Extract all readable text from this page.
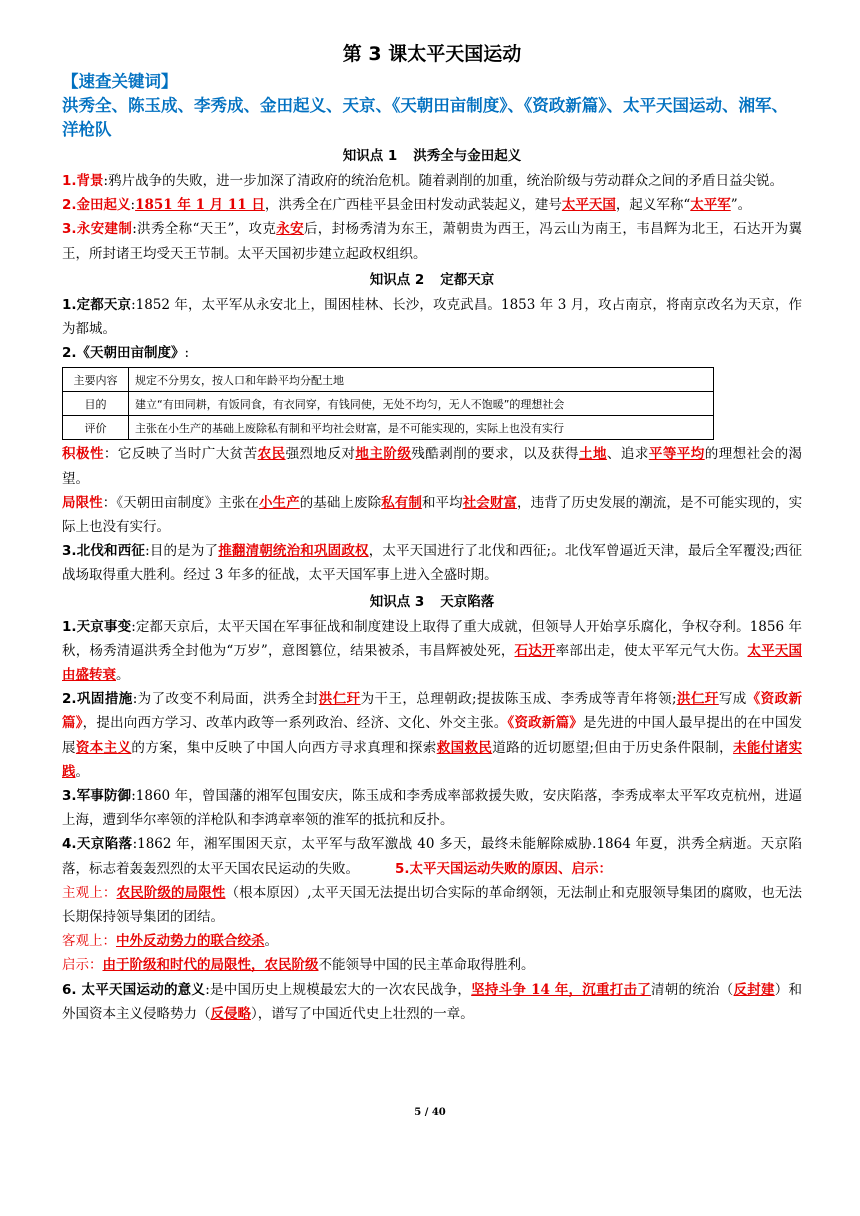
第 3 课太平天国运动
【速查关键词】
洪秀全、陈玉成、李秀成、金田起义、天京、《天朝田亩制度》、《资政新篇》、太平天国运动、湘军、洋枪队
知识点 1 洪秀全与金田起义

1.背景:鸦片战争的失败，进一步加深了清政府的统治危机。随着剥削的加重，统治阶级与劳动群众之间的矛盾日益尖锐。

2.金田起义:1851 年 1 月 11 日，洪秀全在广西桂平县金田村发动武装起义，建号太平天国，起义军称“太平军”。

3.永安建制:洪秀全称“天王”，攻克永安后，封杨秀清为东王，萧朝贵为西王，冯云山为南王，韦昌辉为北王，石达开为翼王，所封诸王均受天王节制。太平天国初步建立起政权组织。

知识点 2 定都天京

1.定都天京:1852 年，太平军从永安北上，围困桂林、长沙，攻克武昌。1853 年 3 月，攻占南京，将南京改名为天京，作为都城。

2.《天朝田亩制度》:

主要内容	规定不分男女，按人口和年龄平均分配土地
目的	建立“有田同耕，有饭同食，有衣同穿，有钱同使，无处不均匀，无人不饱暖”的理想社会
评价	主张在小生产的基础上废除私有制和平均社会财富，是不可能实现的，实际上也没有实行

积极性：它反映了当时广大贫苦农民强烈地反对地主阶级残酷剥削的要求，以及获得土地、追求平等平均的理想社会的渴望。

局限性：《天朝田亩制度》主张在小生产的基础上废除私有制和平均社会财富，违背了历史发展的潮流，是不可能实现的，实际上也没有实行。

3.北伐和西征:目的是为了推翻清朝统治和巩固政权，太平天国进行了北伐和西征;。北伐军曾逼近天津，最后全军覆没;西征战场取得重大胜利。经过 3 年多的征战，太平天国军事上进入全盛时期。

知识点 3 天京陷落

1.天京事变:定都天京后，太平天国在军事征战和制度建设上取得了重大成就，但领导人开始享乐腐化，争权夺利。1856 年秋，杨秀清逼洪秀全封他为“万岁”，意图篡位，结果被杀，韦昌辉被处死，石达开率部出走，使太平军元气大伤。太平天国由盛转衰。

2.巩固措施:为了改变不利局面，洪秀全封洪仁玕为干王，总理朝政;提拔陈玉成、李秀成等青年将领;洪仁玕写成《资政新篇》，提出向西方学习、改革内政等一系列政治、经济、文化、外交主张。《资政新篇》是先进的中国人最早提出的在中国发展资本主义的方案，集中反映了中国人向西方寻求真理和探索救国救民道路的近切愿望;但由于历史条件限制，未能付诸实践。

3.军事防御:1860 年，曾国藩的湘军包围安庆，陈玉成和李秀成率部救援失败，安庆陷落，李秀成率太平军攻克杭州，进逼上海，遭到华尔率领的洋枪队和李鸿章率领的淮军的抵抗和反扑。

4.天京陷落:1862 年，湘军围困天京，太平军与敌军激战 40 多天，最终未能解除威胁.1864 年夏，洪秀全病逝。天京陷落，标志着轰轰烈烈的太平天国农民运动的失败。	5.太平天国运动失败的原因、启示：

主观上：农民阶级的局限性（根本原因）,太平天国无法提出切合实际的革命纲领，无法制止和克服领导集团的腐败，也无法长期保持领导集团的团结。

客观上：中外反动势力的联合绞杀。

启示：由于阶级和时代的局限性，农民阶级不能领导中国的民主革命取得胜利。

6. 太平天国运动的意义:是中国历史上规模最宏大的一次农民战争，坚持斗争 14 年，沉重打击了清朝的统治（反封建）和外国资本主义侵略势力（反侵略），谱写了中国近代史上壮烈的一章。

5 / 40
